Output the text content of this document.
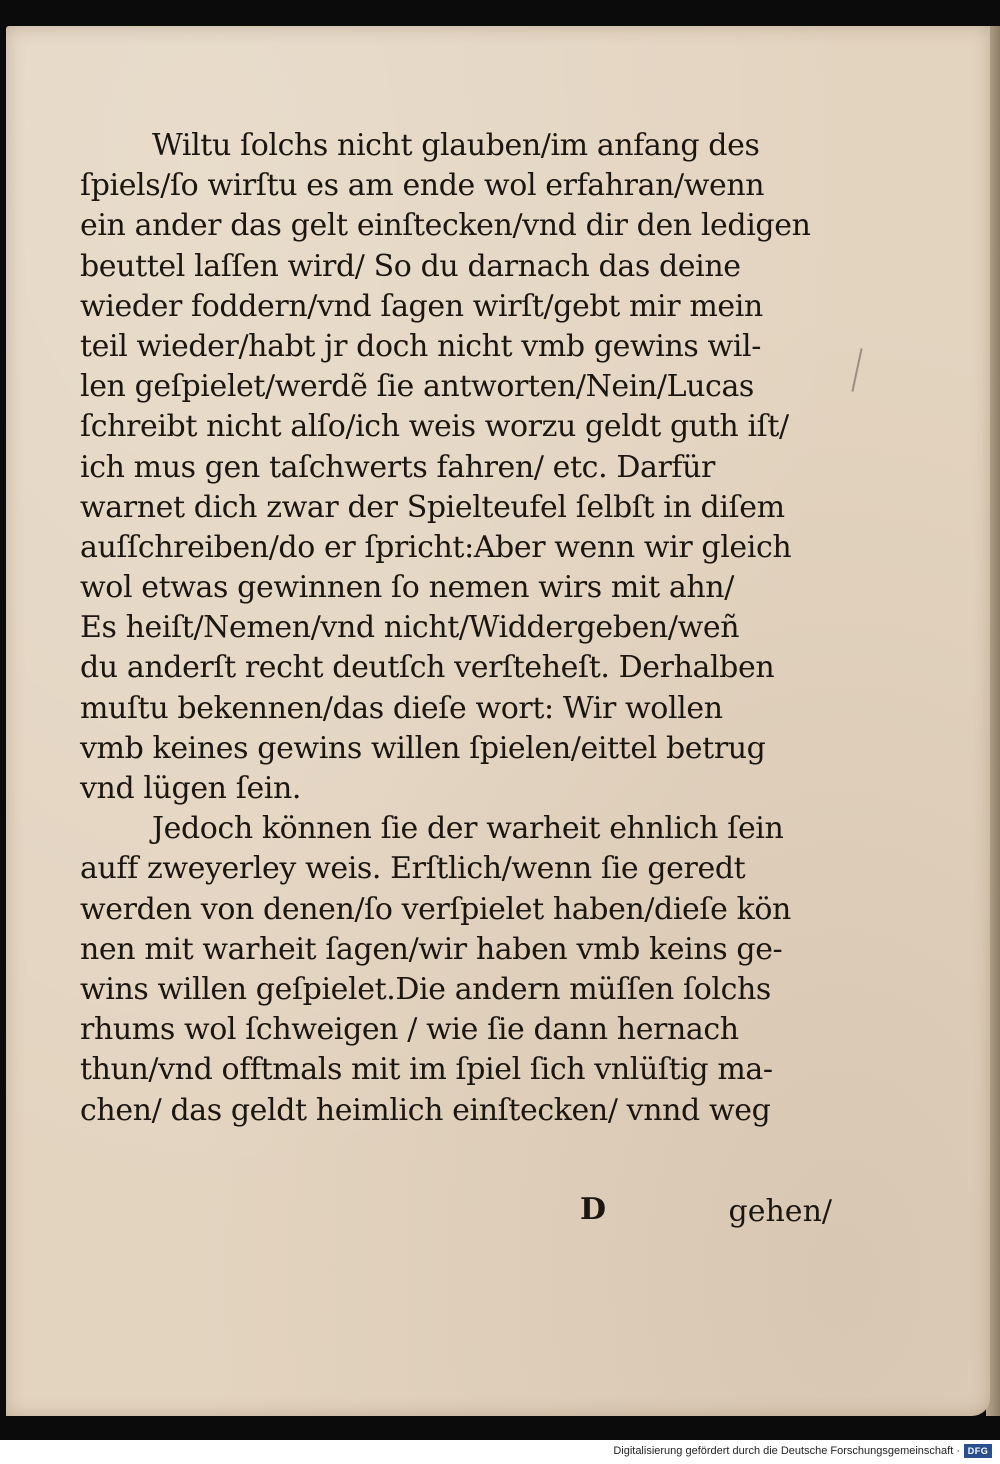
Wiltu ſolchs nicht glauben/im anfang des
ſpiels/ſo wirſtu es am ende wol erfahran/wenn
ein ander das gelt einſtecken/vnd dir den ledigen
beuttel laſſen wird/ So du darnach das deine
wieder foddern/vnd ſagen wirſt/gebt mir mein
teil wieder/habt jr doch nicht vmb gewins wil-
len geſpielet/werdẽ ſie antworten/Nein/Lucas
ſchreibt nicht alſo/ich weis worzu geldt guth iſt/
ich mus gen taſchwerts fahren/ etc. Darfür
warnet dich zwar der Spielteufel ſelbſt in diſem
auſſchreiben/do er ſpricht:Aber wenn wir gleich
wol etwas gewinnen ſo nemen wirs mit ahn/
Es heiſt/Nemen/vnd nicht/Widdergeben/weñ
du anderſt recht deutſch verſteheſt. Derhalben
muſtu bekennen/das dieſe wort: Wir wollen
vmb keines gewins willen ſpielen/eittel betrug
vnd lügen ſein.
Jedoch können ſie der warheit ehnlich ſein
auff zweyerley weis. Erſtlich/wenn ſie geredt
werden von denen/ſo verſpielet haben/dieſe kön
nen mit warheit ſagen/wir haben vmb keins ge-
wins willen geſpielet.Die andern müſſen ſolchs
rhums wol ſchweigen / wie ſie dann hernach
thun/vnd offtmals mit im ſpiel ſich vnlüſtig ma-
chen/ das geldt heimlich einſtecken/ vnnd weg
D	gehen/
Digitalisierung gefördert durch die Deutsche Forschungsgemeinschaft · DFG
